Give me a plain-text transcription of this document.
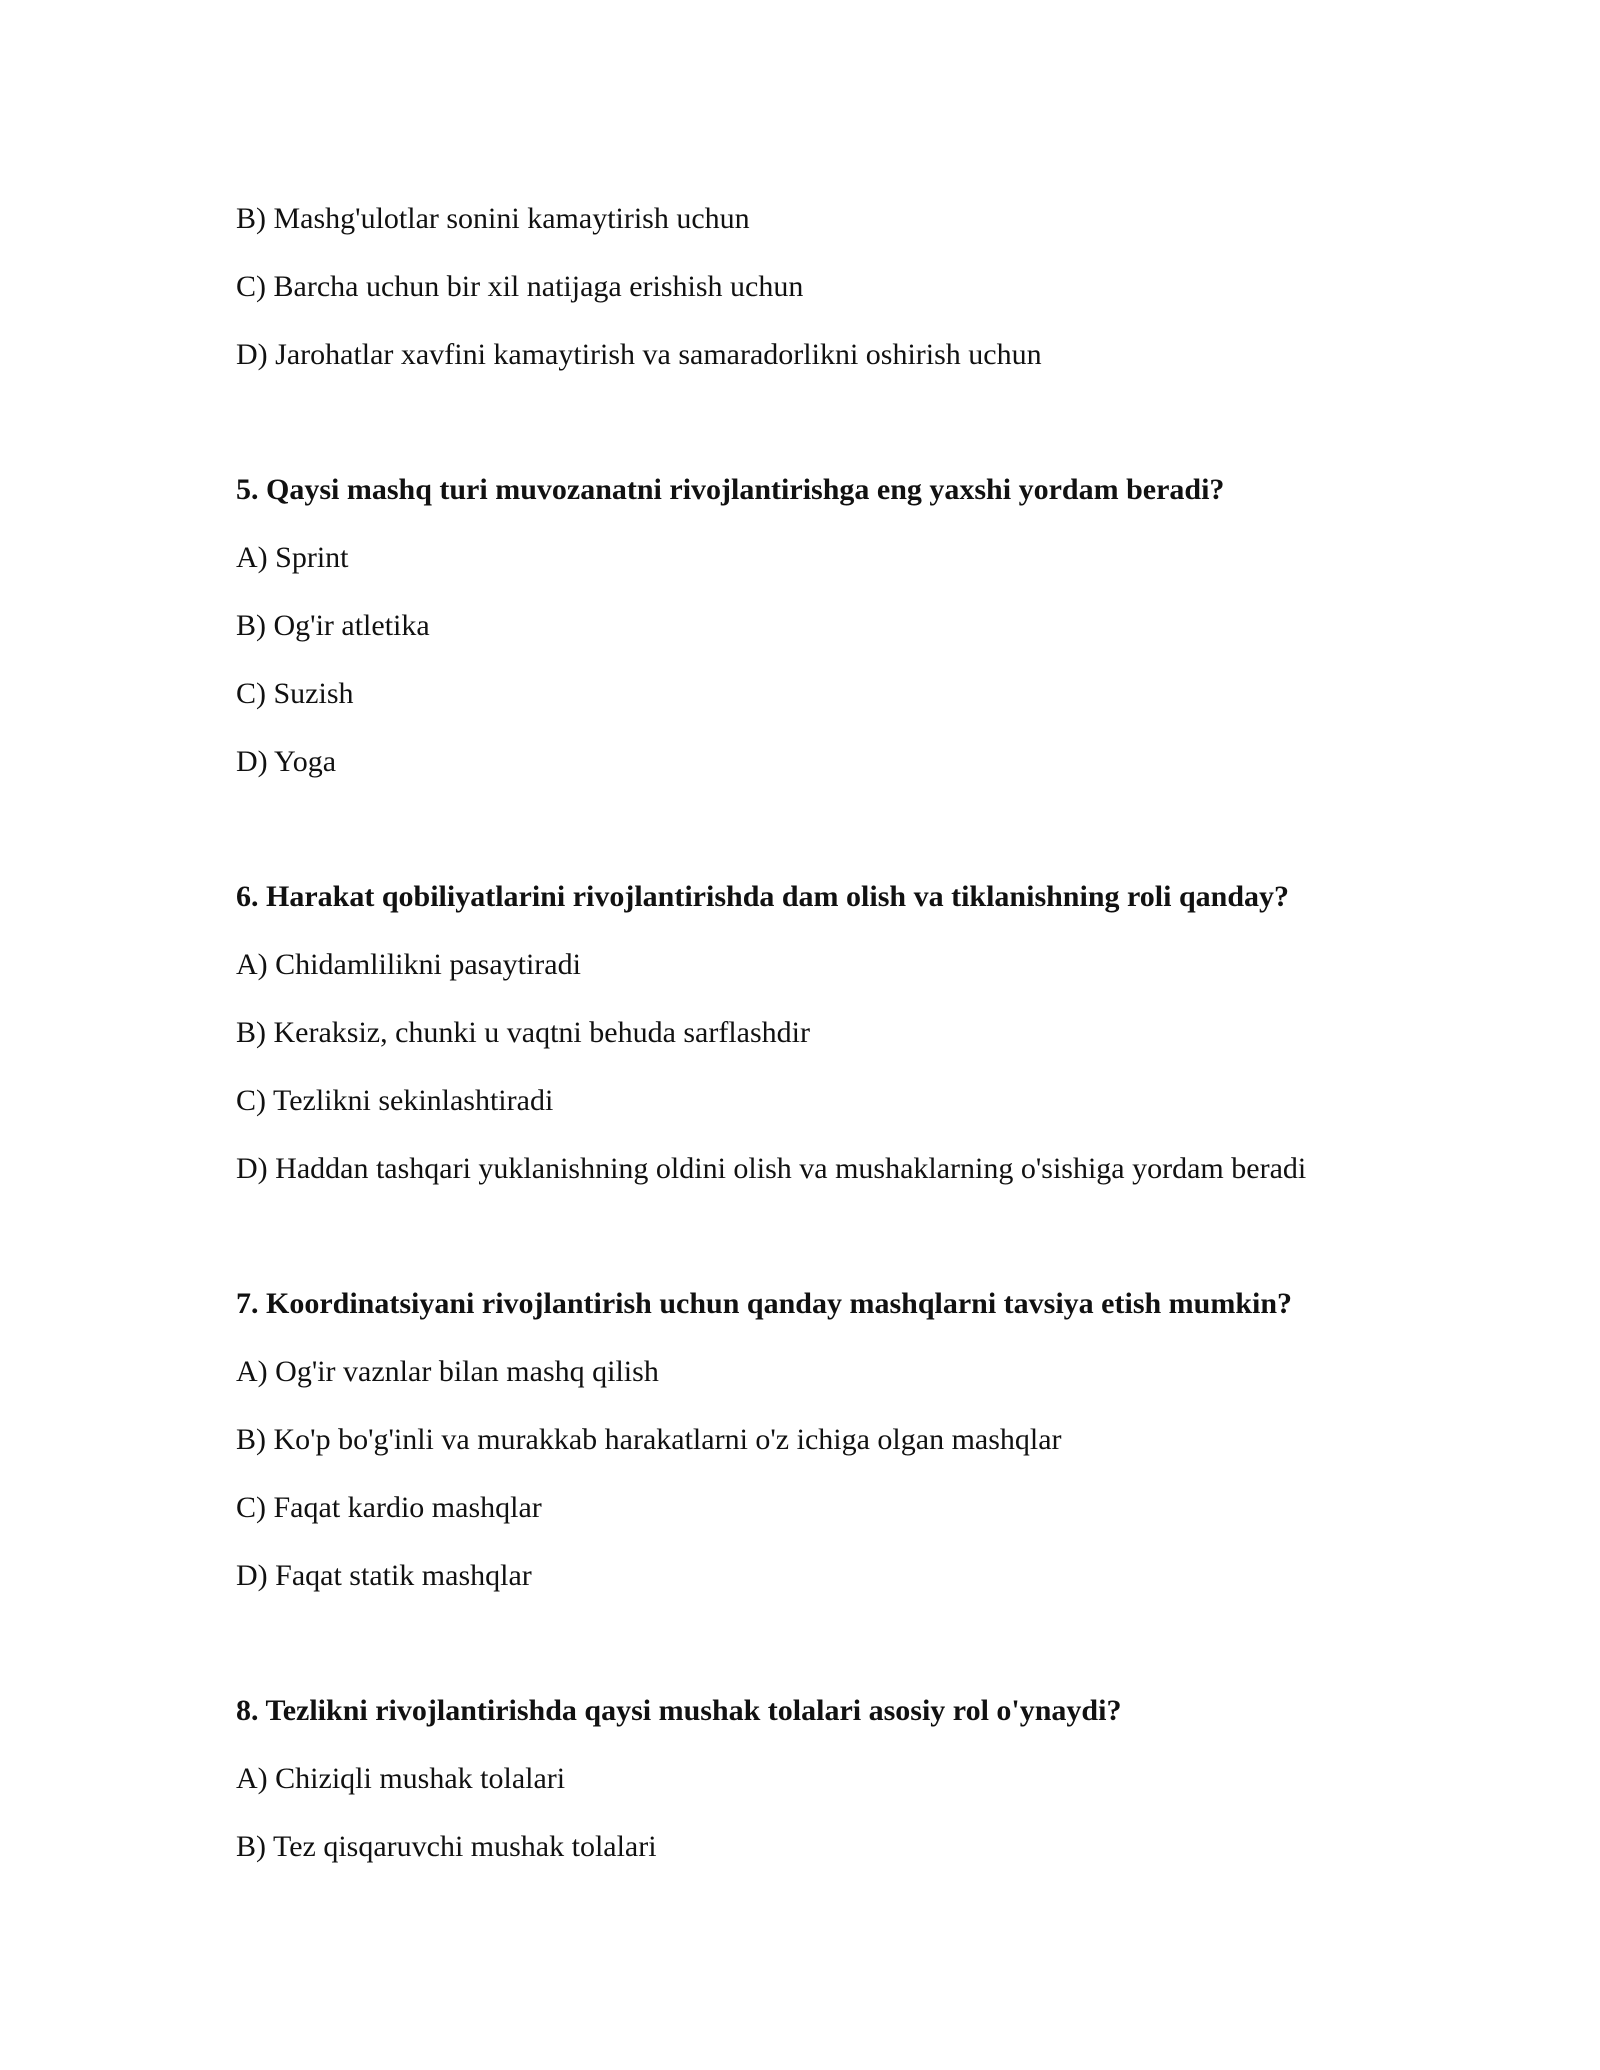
B) Mashg'ulotlar sonini kamaytirish uchun
C) Barcha uchun bir xil natijaga erishish uchun
D) Jarohatlar xavfini kamaytirish va samaradorlikni oshirish uchun
5. Qaysi mashq turi muvozanatni rivojlantirishga eng yaxshi yordam beradi?
A) Sprint
B) Og'ir atletika
C) Suzish
D) Yoga
6. Harakat qobiliyatlarini rivojlantirishda dam olish va tiklanishning roli qanday?
A) Chidamlilikni pasaytiradi
B) Keraksiz, chunki u vaqtni behuda sarflashdir
C) Tezlikni sekinlashtiradi
D) Haddan tashqari yuklanishning oldini olish va mushaklarning o'sishiga yordam beradi
7. Koordinatsiyani rivojlantirish uchun qanday mashqlarni tavsiya etish mumkin?
A) Og'ir vaznlar bilan mashq qilish
B) Ko'p bo'g'inli va murakkab harakatlarni o'z ichiga olgan mashqlar
C) Faqat kardio mashqlar
D) Faqat statik mashqlar
8. Tezlikni rivojlantirishda qaysi mushak tolalari asosiy rol o'ynaydi?
A) Chiziqli mushak tolalari
B) Tez qisqaruvchi mushak tolalari
